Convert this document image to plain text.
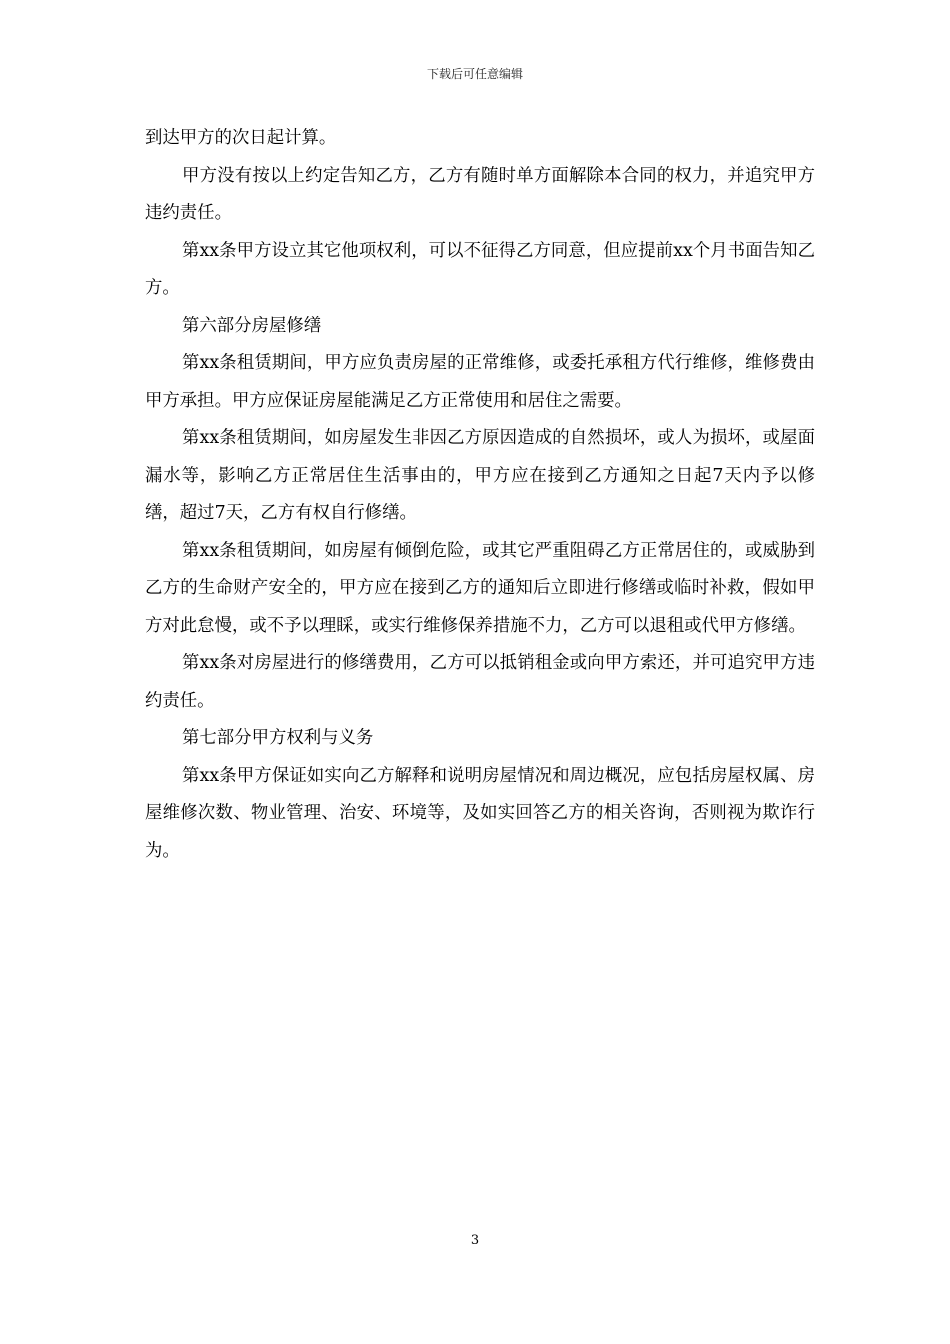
下载后可任意编辑

到达甲方的次日起计算。

甲方没有按以上约定告知乙方，乙方有随时单方面解除本合同的权力，并追究甲方违约责任。

第xx条甲方设立其它他项权利，可以不征得乙方同意，但应提前xx个月书面告知乙方。

第六部分房屋修缮

第xx条租赁期间，甲方应负责房屋的正常维修，或委托承租方代行维修，维修费由甲方承担。甲方应保证房屋能满足乙方正常使用和居住之需要。

第xx条租赁期间，如房屋发生非因乙方原因造成的自然损坏，或人为损坏，或屋面漏水等，影响乙方正常居住生活事由的，甲方应在接到乙方通知之日起7天内予以修缮，超过7天，乙方有权自行修缮。

第xx条租赁期间，如房屋有倾倒危险，或其它严重阻碍乙方正常居住的，或威胁到乙方的生命财产安全的，甲方应在接到乙方的通知后立即进行修缮或临时补救，假如甲方对此怠慢，或不予以理睬，或实行维修保养措施不力，乙方可以退租或代甲方修缮。

第xx条对房屋进行的修缮费用，乙方可以抵销租金或向甲方索还，并可追究甲方违约责任。

第七部分甲方权利与义务

第xx条甲方保证如实向乙方解释和说明房屋情况和周边概况，应包括房屋权属、房屋维修次数、物业管理、治安、环境等，及如实回答乙方的相关咨询，否则视为欺诈行为。

3
